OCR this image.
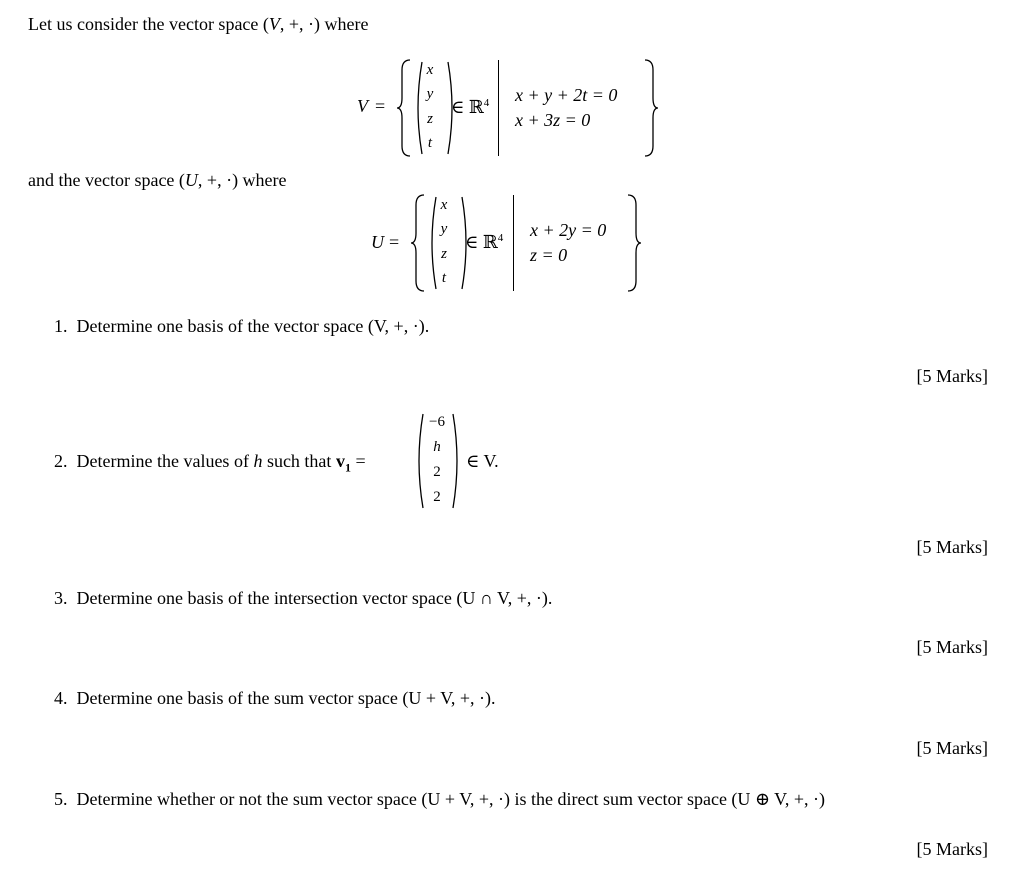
Let us consider the vector space (V, +, ·) where
V =
x
y
z
t
∈ ℝ$^4$ x + y + 2t = 0
x + 3z = 0
and the vector space (U, +, ·) where
U =
x
y
z
t
∈ ℝ$^4$ x + 2y = 0
z = 0
1. Determine one basis of the vector space (V, +, ·).
[5 Marks]
2. Determine the values of h such that $v_1$ =
−6
h
2
2
∈ V.
[5 Marks]
3. Determine one basis of the intersection vector space (U ∩ V, +, ·).
[5 Marks]
4. Determine one basis of the sum vector space (U + V, +, ·).
[5 Marks]
5. Determine whether or not the sum vector space (U + V, +, ·) is the direct sum vector space (U ⊕ V, +, ·)
[5 Marks]
